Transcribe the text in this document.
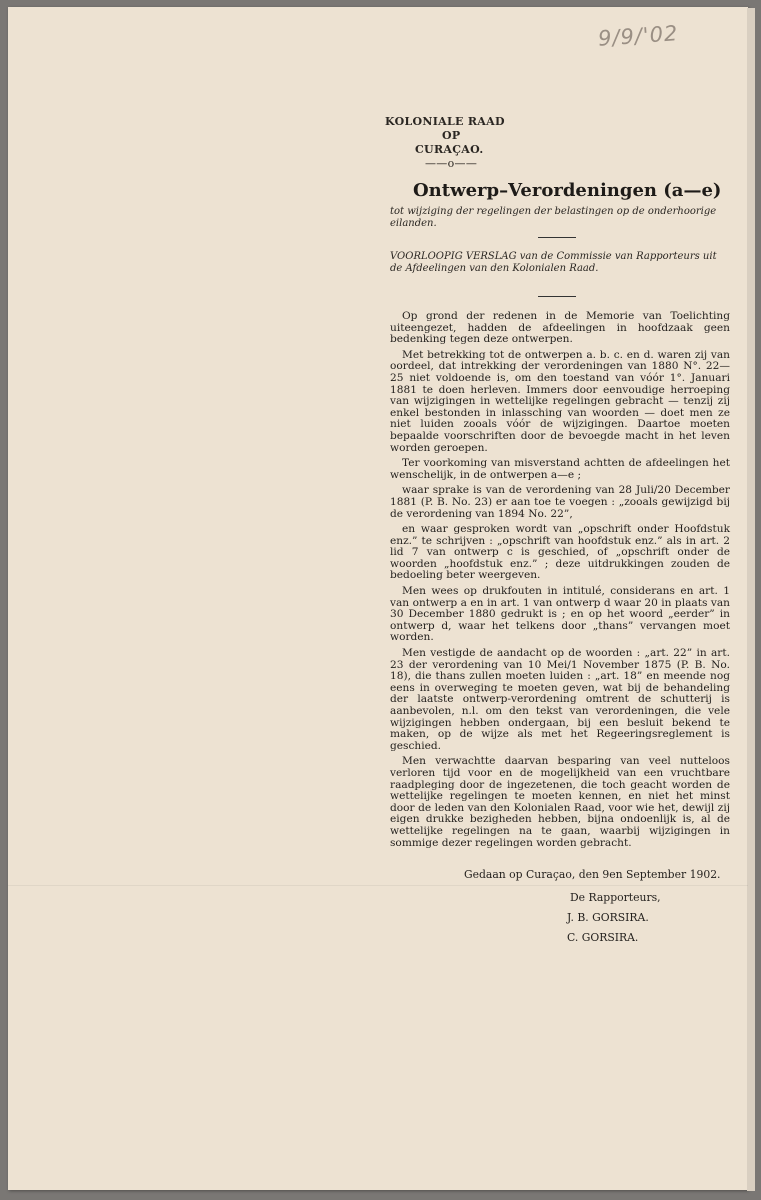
9/9/'02
KOLONIALE RAAD
OP
CURAÇAO.
——o——
Ontwerp–Verordeningen (a—e)
tot wijziging der regelingen der belastingen op de onderhoorige eilanden.
VOORLOOPIG VERSLAG van de Commissie van Rapporteurs uit de Afdeelingen van den Kolonialen Raad.

Op grond der redenen in de Memorie van Toelichting uiteengezet, hadden de afdeelingen in hoofdzaak geen bedenking tegen deze ontwerpen.

Met betrekking tot de ontwerpen a. b. c. en d. waren zij van oordeel, dat intrekking der verordeningen van 1880 N°. 22—25 niet voldoende is, om den toestand van vóór 1°. Januari 1881 te doen herleven. Immers door eenvoudige herroeping van wijzigingen in wettelijke regelingen gebracht — tenzij zij enkel bestonden in inlassching van woorden — doet men ze niet luiden zooals vóór de wijzigingen. Daartoe moeten bepaalde voorschriften door de bevoegde macht in het leven worden geroepen.

Ter voorkoming van misverstand achtten de afdeelingen het wenschelijk, in de ontwerpen a—e ;

waar sprake is van de verordening van 28 Juli/20 December 1881 (P. B. No. 23) er aan toe te voegen : „zooals gewijzigd bij de verordening van 1894 No. 22”,

en waar gesproken wordt van „opschrift onder Hoofdstuk enz.” te schrijven : „opschrift van hoofdstuk enz.” als in art. 2 lid 7 van ontwerp c is geschied, of „opschrift onder de woorden „hoofdstuk enz.” ; deze uitdrukkingen zouden de bedoeling beter weergeven.

Men wees op drukfouten in intitulé, considerans en art. 1 van ontwerp a en in art. 1 van ontwerp d waar 20 in plaats van 30 December 1880 gedrukt is ; en op het woord „eerder” in ontwerp d, waar het telkens door „thans” vervangen moet worden.

Men vestigde de aandacht op de woorden : „art. 22” in art. 23 der verordening van 10 Mei/1 November 1875 (P. B. No. 18), die thans zullen moeten luiden : „art. 18” en meende nog eens in overweging te moeten geven, wat bij de behandeling der laatste ontwerp-verordening omtrent de schutterij is aanbevolen, n.l. om den tekst van verordeningen, die vele wijzigingen hebben ondergaan, bij een besluit bekend te maken, op de wijze als met het Regeeringsreglement is geschied.

Men verwachtte daarvan besparing van veel nutteloos verloren tijd voor en de mogelijkheid van een vruchtbare raadpleging door de ingezetenen, die toch geacht worden de wettelijke regelingen te moeten kennen, en niet het minst door de leden van den Kolonialen Raad, voor wie het, dewijl zij eigen drukke bezigheden hebben, bijna ondoenlijk is, al de wettelijke regelingen na te gaan, waarbij wijzigingen in sommige dezer regelingen worden gebracht.

Gedaan op Curaçao, den 9en September 1902.
De Rapporteurs,
J. B. GORSIRA.
C. GORSIRA.
